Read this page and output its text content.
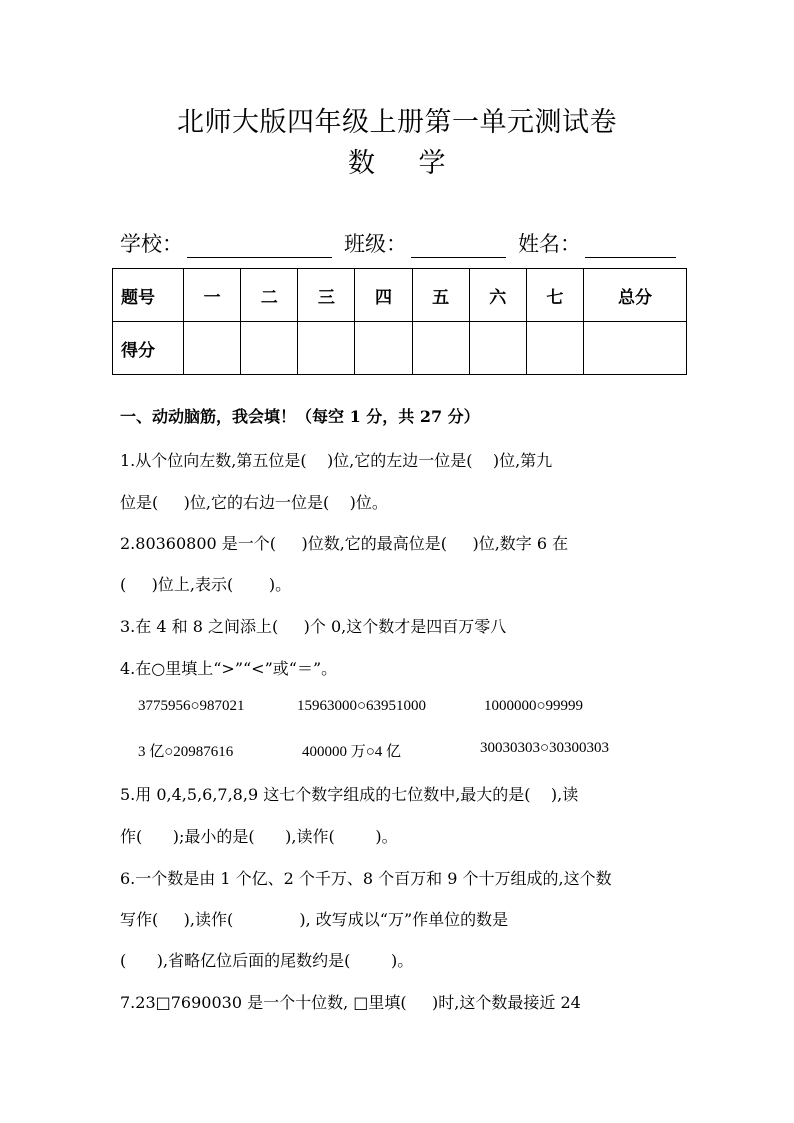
北师大版四年级上册第一单元测试卷
数 学
学校：	班级：	姓名：
题号	一	二	三	四	五	六	七	总分
得分								
一、动动脑筋，我会填！（每空 1 分，共 27 分）
1.从个位向左数,第五位是(    )位,它的左边一位是(    )位,第九
位是(     )位,它的右边一位是(    )位。
2.80360800 是一个(     )位数,它的最高位是(     )位,数字 6 在
(     )位上,表示(       )。
3.在 4 和 8 之间添上(     )个 0,这个数才是四百万零八
4.在○里填上“>”“<”或“＝”。
3775956○987021	15963000○63951000	1000000○99999
3 亿○20987616	400000 万○4 亿	30030303○30300303
5.用 0,4,5,6,7,8,9 这七个数字组成的七位数中,最大的是(    ),读
作(      );最小的是(      ),读作(        )。
6.一个数是由 1 个亿、2 个千万、8 个百万和 9 个十万组成的,这个数
写作(     ),读作(             ), 改写成以“万”作单位的数是
(      ),省略亿位后面的尾数约是(        )。
7.23□7690030 是一个十位数, □里填(     )时,这个数最接近 24
